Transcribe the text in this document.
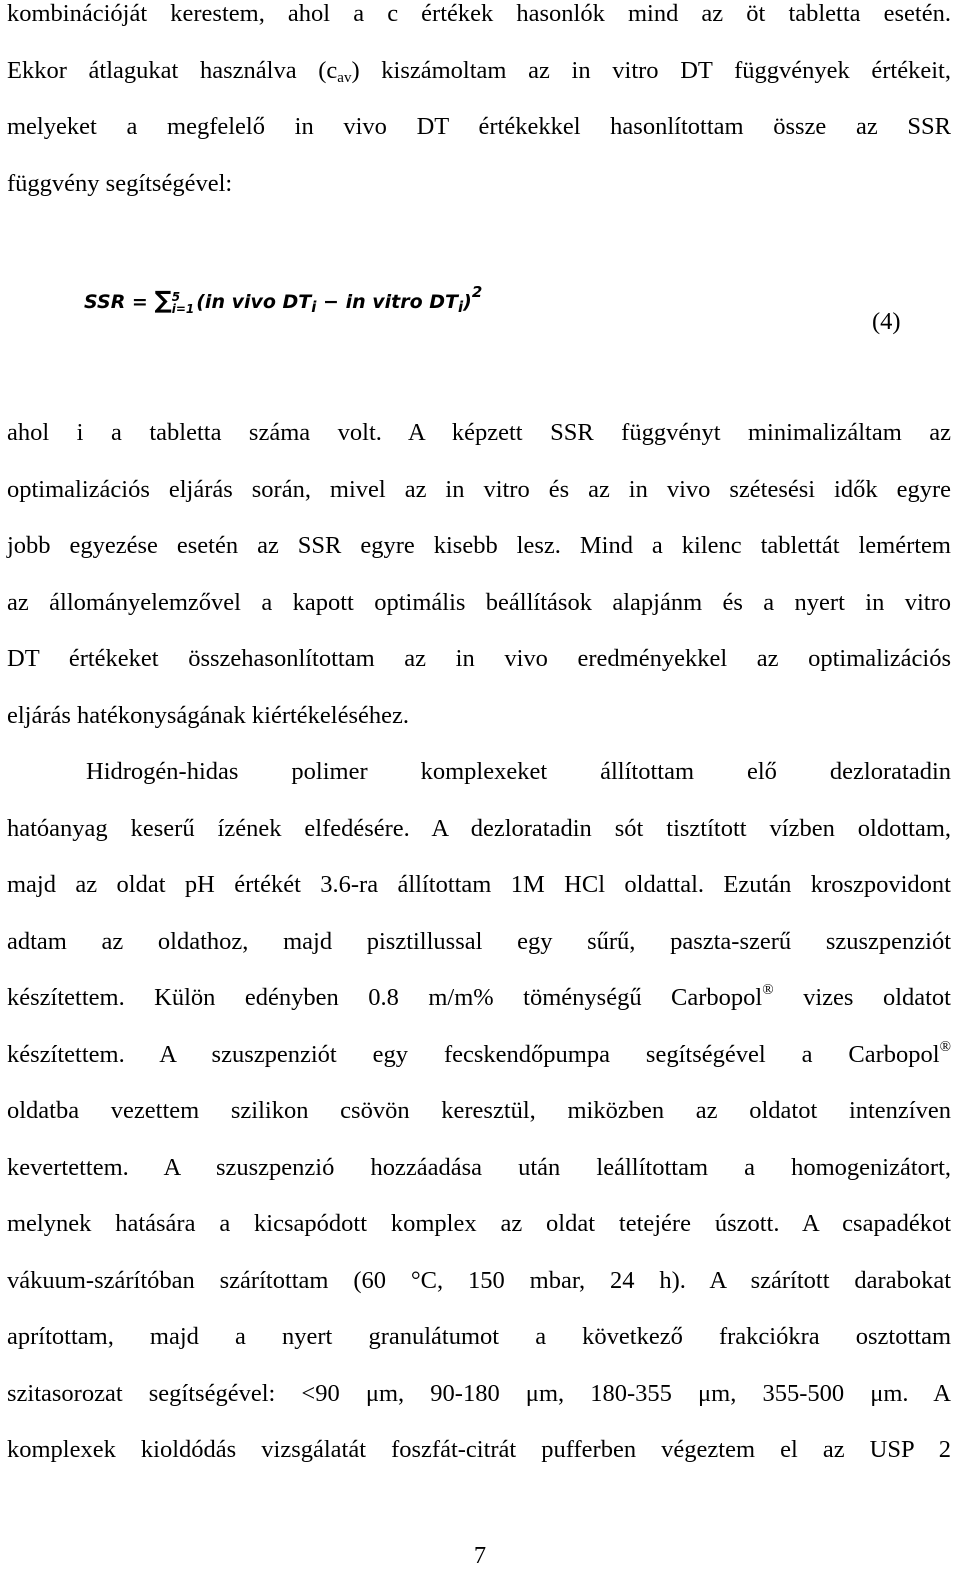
kombinációját kerestem, ahol a c értékek hasonlók mind az öt tabletta esetén.
Ekkor átlagukat használva $(c_{av})$ kiszámoltam az in vitro DT függvények értékeit,
melyeket a megfelelő in vivo DT értékekkel hasonlítottam össze az SSR
függvény segítségével:
SSR = ∑ 5
i=1 (in vivo $DT_i$ − in vitro $DT_i)^2$
(4)
ahol i a tabletta száma volt. A képzett SSR függvényt minimalizáltam az
optimalizációs eljárás során, mivel az in vitro és az in vivo szétesési idők egyre
jobb egyezése esetén az SSR egyre kisebb lesz. Mind a kilenc tablettát lemértem
az állományelemzővel a kapott optimális beállítások alapjánm és a nyert in vitro
DT értékeket összehasonlítottam az in vivo eredményekkel az optimalizációs
eljárás hatékonyságának kiértékeléséhez.
Hidrogén-hidas polimer komplexeket állítottam elő dezloratadin
hatóanyag keserű ízének elfedésére. A dezloratadin sót tisztított vízben oldottam,
majd az oldat pH értékét 3.6-ra állítottam 1M HCl oldattal. Ezután kroszpovidont
adtam az oldathoz, majd pisztillussal egy sűrű, paszta-szerű szuszpenziót
készítettem. Külön edényben 0.8 m/m% töménységű Carbopol® vizes oldatot
készítettem. A szuszpenziót egy fecskendőpumpa segítségével a Carbopol®
oldatba vezettem szilikon csövön keresztül, miközben az oldatot intenzíven
kevertettem. A szuszpenzió hozzáadása után leállítottam a homogenizátort,
melynek hatására a kicsapódott komplex az oldat tetejére úszott. A csapadékot
vákuum-szárítóban szárítottam (60 °C, 150 mbar, 24 h). A szárított darabokat
aprítottam, majd a nyert granulátumot a következő frakciókra osztottam
szitasorozat segítségével: <90 μm, 90-180 μm, 180-355 μm, 355-500 μm. A
komplexek kioldódás vizsgálatát foszfát-citrát pufferben végeztem el az USP 2
7
